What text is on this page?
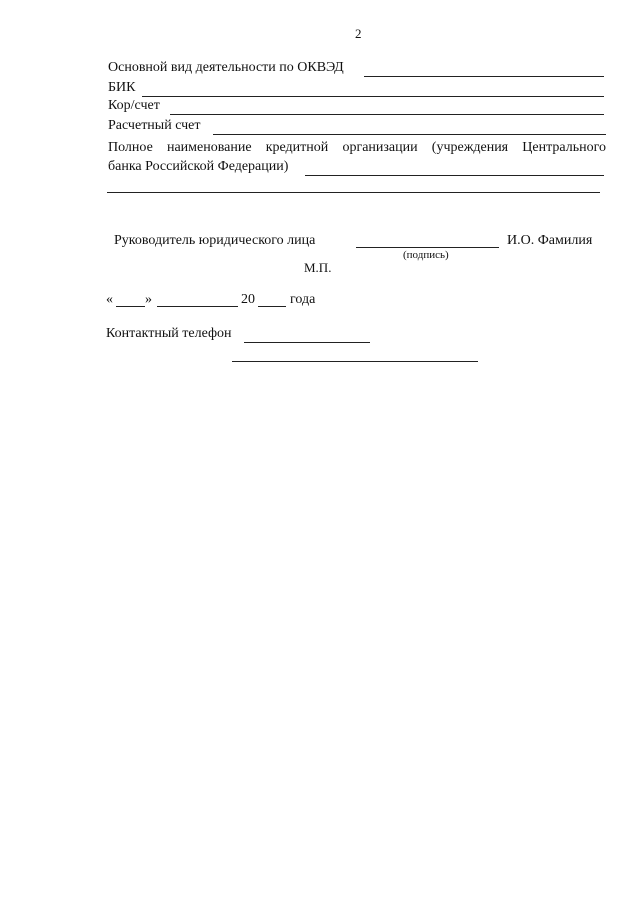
2
Основной вид деятельности по ОКВЭД
БИК
Кор/счет
Расчетный счет
Полное наименование кредитной организации (учреждения Центрального
банка Российской Федерации)
Руководитель юридического лица	И.О. Фамилия
(подпись)
М.П.
« »	20	года
Контактный телефон
